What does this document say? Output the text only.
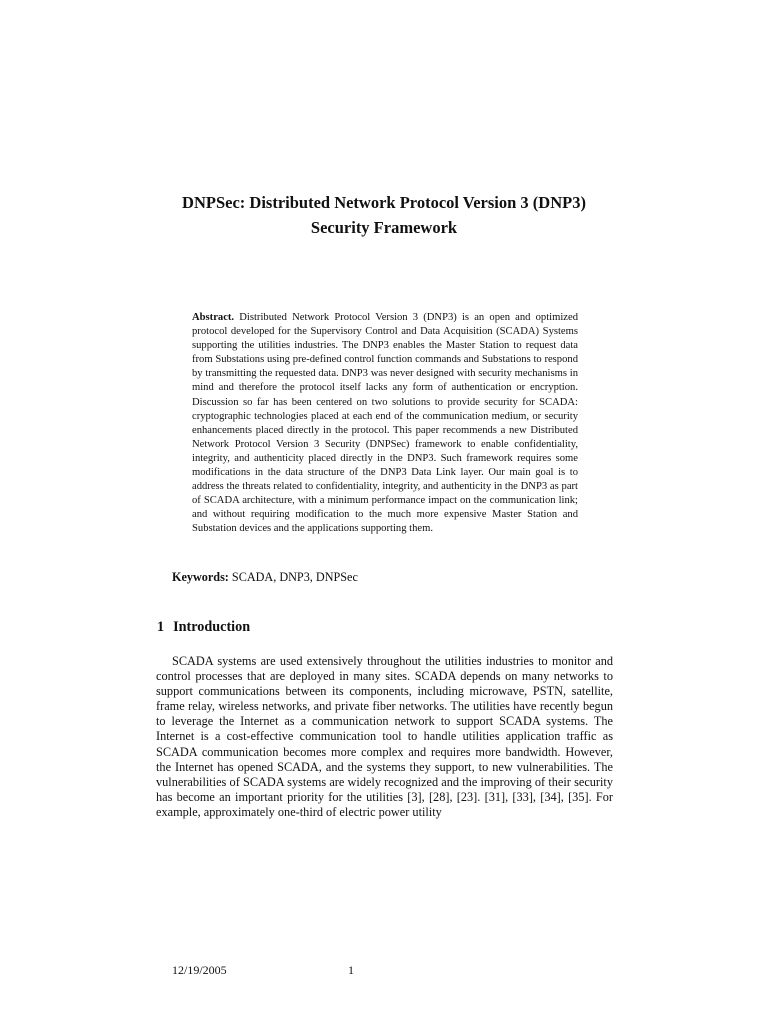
DNPSec: Distributed Network Protocol Version 3 (DNP3)
Security Framework
Abstract. Distributed Network Protocol Version 3 (DNP3) is an open and optimized protocol developed for the Supervisory Control and Data Acquisition (SCADA) Systems supporting the utilities industries. The DNP3 enables the Master Station to request data from Substations using pre-defined control function commands and Substations to respond by transmitting the requested data. DNP3 was never designed with security mechanisms in mind and therefore the protocol itself lacks any form of authentication or encryption. Discussion so far has been centered on two solutions to provide security for SCADA: cryptographic technologies placed at each end of the communication medium, or security enhancements placed directly in the protocol. This paper recommends a new Distributed Network Protocol Version 3 Security (DNPSec) framework to enable confidentiality, integrity, and authenticity placed directly in the DNP3. Such framework requires some modifications in the data structure of the DNP3 Data Link layer. Our main goal is to address the threats related to confidentiality, integrity, and authenticity in the DNP3 as part of SCADA architecture, with a minimum performance impact on the communication link; and without requiring modification to the much more expensive Master Station and Substation devices and the applications supporting them.
Keywords: SCADA, DNP3, DNPSec
1 Introduction

SCADA systems are used extensively throughout the utilities industries to monitor and control processes that are deployed in many sites. SCADA depends on many networks to support communications between its components, including microwave, PSTN, satellite, frame relay, wireless networks, and private fiber networks. The utilities have recently begun to leverage the Internet as a communication network to support SCADA systems. The Internet is a cost-effective communication tool to handle utilities application traffic as SCADA communication becomes more complex and requires more bandwidth. However, the Internet has opened SCADA, and the systems they support, to new vulnerabilities. The vulnerabilities of SCADA systems are widely recognized and the improving of their security has become an important priority for the utilities [3], [28], [23]. [31], [33], [34], [35]. For example, approximately one-third of electric power utility

12/19/2005	1
